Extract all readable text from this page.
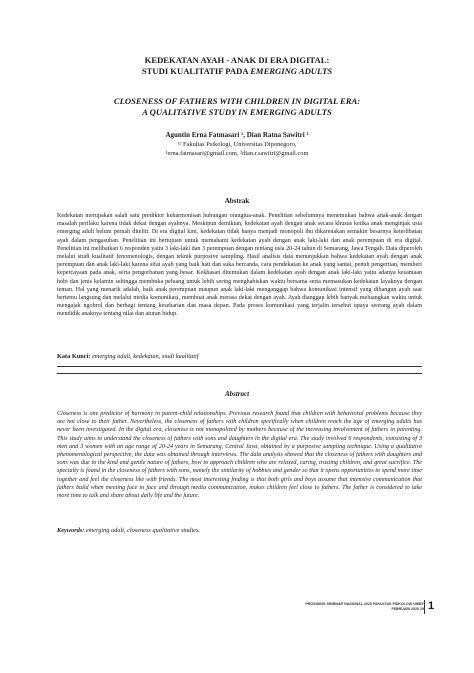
KEDEKATAN AYAH - ANAK DI ERA DIGITAL:
STUDI KUALITATIF PADA EMERGING ADULTS
CLOSENESS OF FATHERS WITH CHILDREN IN DIGITAL ERA:
A QUALITATIVE STUDY IN EMERGING ADULTS
Aguntin Erna Fatmasari ¹, Dian Ratna Sawitri ²
¹² Fakultas Psikologi, Universitas Diponegoro,
¹erna.fatmasari@gmail.com, ²dian.r.sawitri@gmail.com
Abstrak
Kedekatan merupakan salah satu prediktor keharmonisan hubungan orangtua-anak. Penelitian sebelumnya menemukan bahwa anak-anak dengan masalah perilaku karena tidak dekat dengan ayahnya. Meskipun demikian, kedekatan ayah dengan anak secara khusus ketika anak menginjak usia emerging adult belum pernah diteliti. Di era digital kini, kedekatan tidak hanya menjadi monopoli ibu dikarenakan semakin besarnya keterlibatan ayah dalam pengasuhan. Penelitian ini bertujuan untuk memahami kedekatan ayah dengan anak laki-laki dan anak perempuan di era digital. Penelitian ini melibatkan 6 responden yaitu 3 laki-laki dan 3 perempuan dengan rentang usia 20-24 tahun di Semarang, Jawa Tengah. Data diperoleh melalui studi kualitatif fenomenologis, dengan teknik purposive sampling. Hasil analisis data menunjukkan bahwa kedekatan ayah dengan anak perempuan dan anak laki-laki karena sifat ayah yang baik hati dan suka bercanda, cara pendekatan ke anak yang santai, penuh pengertian, memberi kepercayaan pada anak, serta pengorbanan yang besar. Kekhasan ditemukan dalam kedekatan ayah dengan anak laki-laki yaitu adanya kesamaan hobi dan jenis kelamin sehingga membuka peluang untuk lebih sering menghabiskan waktu bersama serta memasukan kedekatan layaknya dengan teman. Hal yang menarik adalah, baik anak perempuan maupun anak laki-laki menganggap bahwa komunikasi intensif yang dibangun ayah saat bertemu langsung dan melalui media komunikasi, membuat anak merasa dekat dengan ayah. Ayah dianggap lebih banyak meluangkan waktu untuk mengajak ngobrol dan berbagi tentang keseharian dan masa depan. Pada proses komunikasi yang terjalin tersebut upaya seorang ayah dalam mendidik anaknya tentang nilai dan aturan hidup.
Kata Kunci: emerging adult, kedekatan, studi kualitatif
Abstract
Closeness is one predictor of harmony in parent-child relationships. Previous research found that children with behavioral problems because they are not close to their father. Nevertheless, the closeness of fathers with children specifically when children reach the age of emerging adults has never been investigated. In the digital era, closeness is not monopolized by mothers because of the increasing involvement of fathers in parenting. This study aims to understand the closeness of fathers with sons and daughters in the digital era. The study involved 6 respondents, consisting of 3 men and 3 women with an age range of 20-24 years in Semarang, Central Java, obtained by a purposive sampling technique. Using a qualitative phenomenological perspective, the data was obtained through interviews. The data analysis showed that the closeness of fathers with daughters and sons was due to the kind and gentle nature of fathers, how to approach children who are relaxed, caring, trusting children, and great sacrifice. The specialty is found in the closeness of fathers with sons, namely the similarity of hobbies and gender so that it opens opportunities to spend more time together and feel the closeness like with friends. The most interesting finding is that both girls and boys assume that intensive communication that fathers build when meeting face to face and through media communication, makes children feel close to fathers. The father is considered to take more time to talk and share about daily life and the future.
Keywords: emerging adult, closeness qualitative studies.
PROSIDING SEMINAR NASIONAL 2020 FAKULTAS PSIKOLOGI UMBY
FEBRUARI 2020 29 1
